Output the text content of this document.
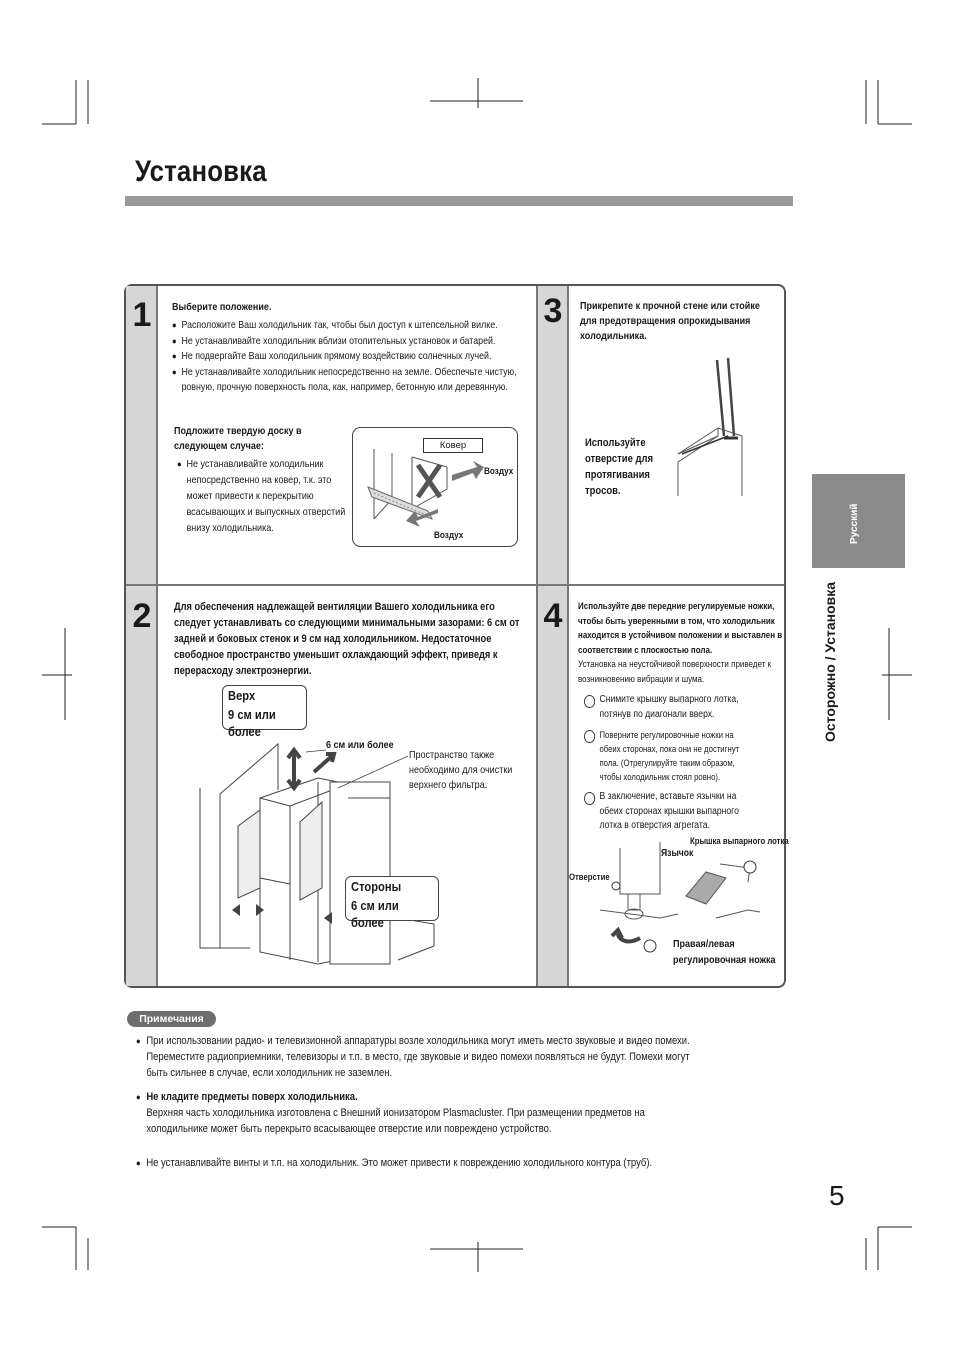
Установка
Русский
Осторожно / Установка
1
2
3
4
Выберите положение.
● Расположите Ваш холодильник так, чтобы был доступ к штепсельной вилке.
● Не устанавливайте холодильник вблизи отопительных установок и батарей.
● Не подвергайте Ваш холодильник прямому воздействию солнечных лучей.
● Не устанавливайте холодильник непосредственно на земле. Обеспечьте чистую, ровную, прочную поверхность пола, как, например, бетонную или деревянную.
Подложите твердую доску в следующем случае:
● Не устанавливайте холодильник непосредственно на ковер, т.к. это может привести к перекрытию всасывающих и выпускных отверстий внизу холодильника.
Ковер
Воздух
Воздух
Прикрепите к прочной стене или стойке для предотвращения опрокидывания холодильника.
Используйте отверстие для протягивания тросов.
Для обеспечения надлежащей вентиляции Вашего холодильника его следует устанавливать со следующими минимальными зазорами: 6 см от задней и боковых стенок и 9 см над холодильником. Недостаточное свободное пространство уменьшит охлаждающий эффект, приведя к перерасходу электроэнергии.
Верх
9 см или более
6 см или более
Пространство также необходимо для очистки верхнего фильтра.
Стороны
6 см или более
Используйте две передние регулируемые ножки, чтобы быть уверенными в том, что холодильник находится в устойчивом положении и выставлен в соответствии с плоскостью пола.
Установка на неустойчивой поверхности приведет к возникновению вибрации и шума.
Снимите крышку выпарного лотка, потянув по диагонали вверх.
Поверните регулировочные ножки на обеих сторонах, пока они не достигнут пола. (Отрегулируйте таким образом, чтобы холодильник стоял ровно).
В заключение, вставьте язычки на обеих сторонах крышки выпарного лотка в отверстия агрегата.
Крышка выпарного лотка
Язычок
Отверстие
Правая/левая регулировочная ножка
Примечания
● При использовании радио- и телевизионной аппаратуры возле холодильника могут иметь место звуковые и видео помехи. Переместите радиоприемники, телевизоры и т.п. в место, где звуковые и видео помехи появляться не будут. Помехи могут быть сильнее в случае, если холодильник не заземлен.
● Не кладите предметы поверх холодильника.
Верхняя часть холодильника изготовлена с Внешний ионизатором Plasmacluster. При размещении предметов на холодильнике может быть перекрыто всасывающее отверстие или повреждено устройство.
● Не устанавливайте винты и т.п. на холодильник. Это может привести к повреждению холодильного контура (труб).
5
